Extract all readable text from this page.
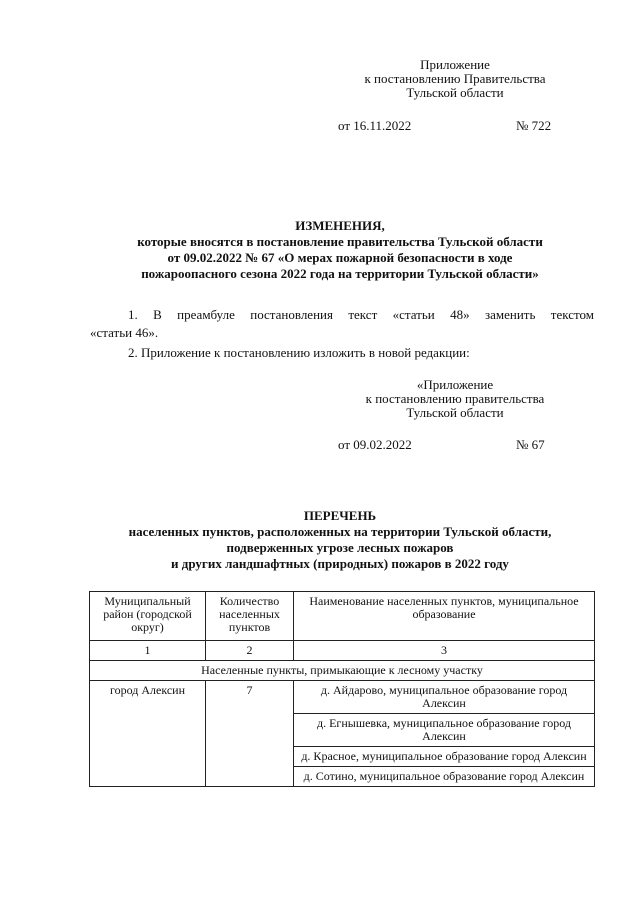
Приложение
к постановлению Правительства
Тульской области
от 16.11.2022	№ 722
ИЗМЕНЕНИЯ,
которые вносятся в постановление правительства Тульской области
от 09.02.2022 № 67 «О мерах пожарной безопасности в ходе
пожароопасного сезона 2022 года на территории Тульской области»
1. В преамбуле постановления текст «статьи 48» заменить текстом
«статьи 46».
2. Приложение к постановлению изложить в новой редакции:
«Приложение
к постановлению правительства
Тульской области
от 09.02.2022	№ 67
ПЕРЕЧЕНЬ
населенных пунктов, расположенных на территории Тульской области,
подверженных угрозе лесных пожаров
и других ландшафтных (природных) пожаров в 2022 году
Муниципальный район (городской округ)	Количество населенных пунктов	Наименование населенных пунктов, муниципальное образование
1	2	3
Населенные пункты, примыкающие к лесному участку		
город Алексин	7	д. Айдарово, муниципальное образование город Алексин
		д. Егнышевка, муниципальное образование город Алексин
		д. Красное, муниципальное образование город Алексин
		д. Сотино, муниципальное образование город Алексин
